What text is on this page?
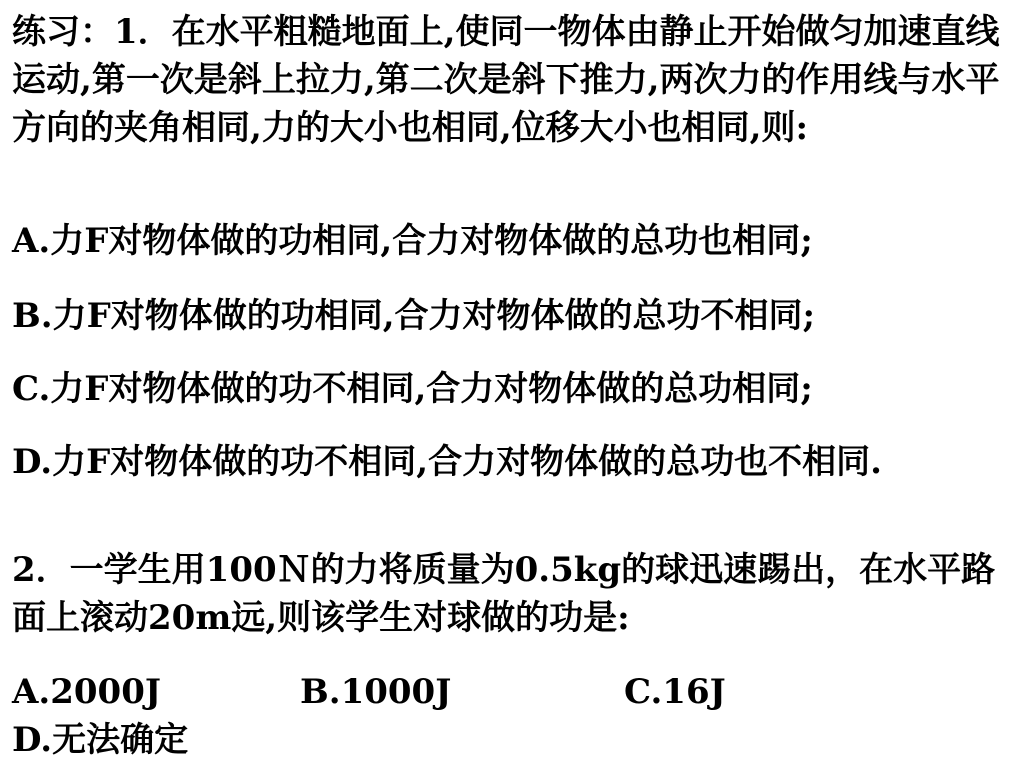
练习：1．在水平粗糙地面上,使同一物体由静止开始做匀加速直线运动,第一次是斜上拉力,第二次是斜下推力,两次力的作用线与水平方向的夹角相同,力的大小也相同,位移大小也相同,则:
A.力F对物体做的功相同,合力对物体做的总功也相同;
B.力F对物体做的功相同,合力对物体做的总功不相同;
C.力F对物体做的功不相同,合力对物体做的总功相同;
D.力F对物体做的功不相同,合力对物体做的总功也不相同.
2．一学生用100Ｎ的力将质量为0.5kg的球迅速踢出，在水平路面上滚动20m远,则该学生对球做的功是:
A.2000J	B.1000J	C.16JD.无法确定
